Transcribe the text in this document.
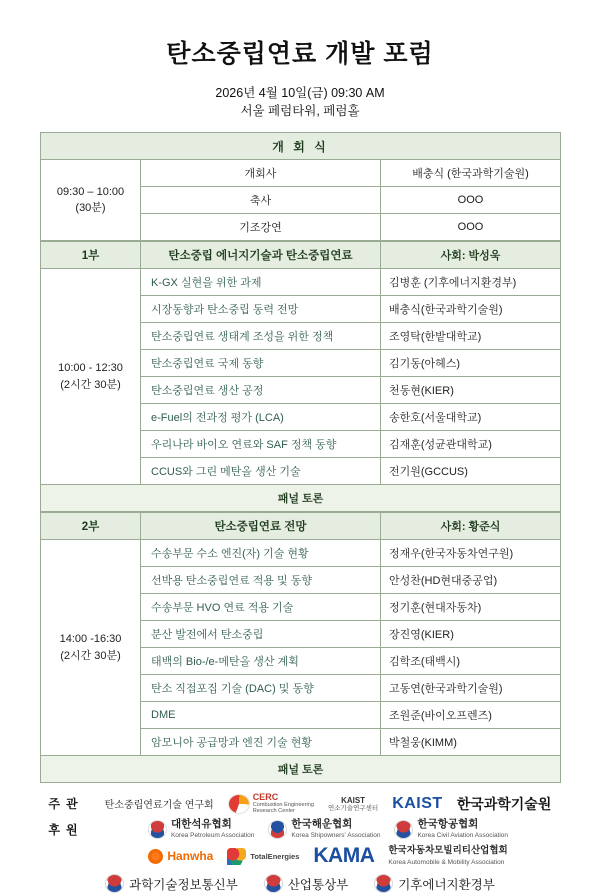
탄소중립연료 개발 포럼
2026년 4월 10일(금) 09:30 AM
서울 페럼타워, 페럼홀
개 회 식		

09:30 – 10:00
(30분)	개회사	배충식 (한국과학기술원)
	축사	OOO
	기조강연	OOO
1부	탄소중립 에너지기술과 탄소중립연료	사회: 박성욱

10:00 - 12:30
(2시간 30분)	K-GX 실현을 위한 과제	김병훈 (기후에너지환경부)
	시장동향과 탄소중립 동력 전망	배충식(한국과학기술원)
	탄소중립연료 생태계 조성을 위한 정책	조영탁(한밭대학교)
	탄소중립연료 국제 동향	김기동(아헤스)
	탄소중립연료 생산 공정	천동현(KIER)
	e-Fuel의 전과정 평가 (LCA)	송한호(서울대학교)
	우리나라 바이오 연료와 SAF 정책 동향	김재훈(성균관대학교)
	CCUS와 그린 메탄올 생산 기술	전기원(GCCUS)
패널 토론		
2부	탄소중립연료 전망	사회: 황준식

14:00 -16:30
(2시간 30분)	수송부문 수소 엔진(자) 기술 현황	정재우(한국자동차연구원)
	선박용 탄소중립연료 적용 및 동향	안성찬(HD현대중공업)
	수송부문 HVO 연료 적용 기술	정기훈(현대자동차)
	분산 발전에서 탄소중립	장진영(KIER)
	태백의 Bio-/e-메탄올 생산 계획	김학조(태백시)
	탄소 직접포집 기술 (DAC) 및 동향	고동연(한국과학기술원)
	DME	조원준(바이오프렌즈)
	암모니아 공급망과 엔진 기술 현황	박철웅(KIMM)
패널 토론		
주관	탄소중립연료기술 연구회
CERC
Combustion Engineering
Research Center
KAIST
연소기술연구센터 KAIST 한국과학기술원
후원	대한석유협회
Korea Petroleum Association
한국해운협회
Korea Shipowners' Association
한국항공협회
Korea Civil Aviation Association
Hanwha	TotalEnergies KAMA 한국자동차모빌리티산업협회
Korea Automobile & Mobility Association
과학기술정보통신부	산업통상부	기후에너지환경부
